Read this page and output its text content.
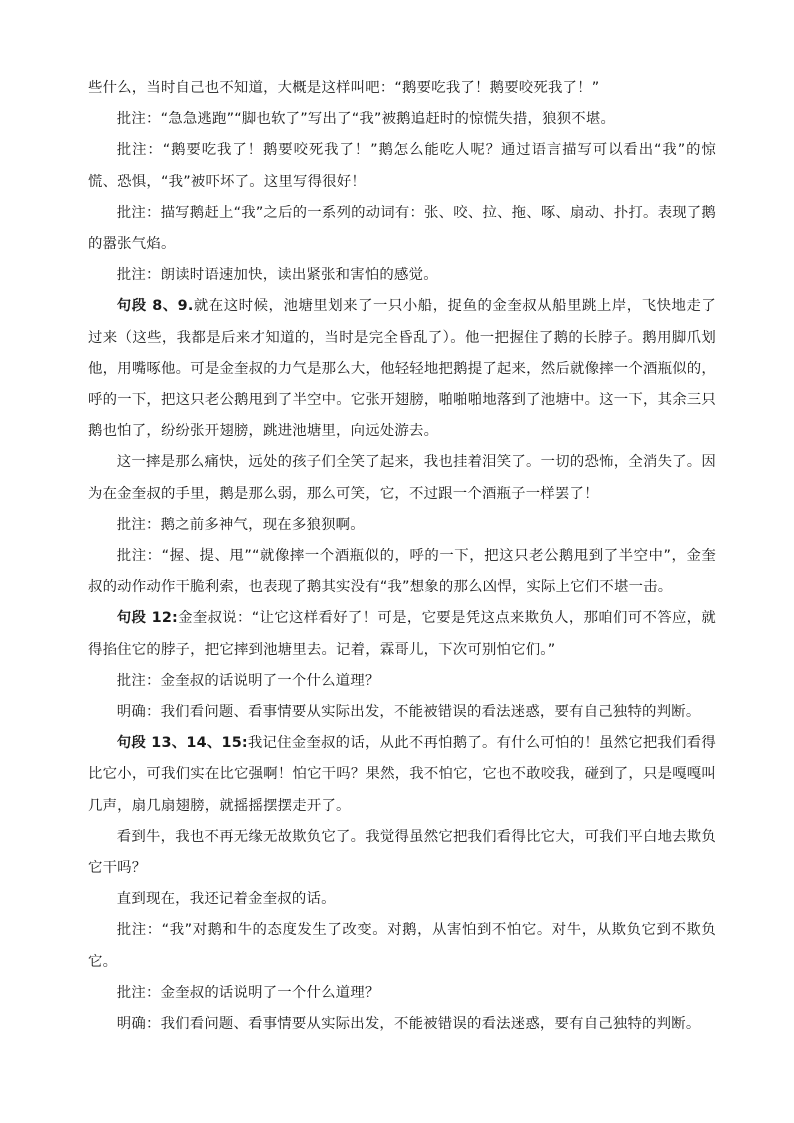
些什么，当时自己也不知道，大概是这样叫吧：“鹅要吃我了！鹅要咬死我了！”

批注：“急急逃跑”“脚也软了”写出了“我”被鹅追赶时的惊慌失措，狼狈不堪。

批注：“鹅要吃我了！鹅要咬死我了！”鹅怎么能吃人呢？通过语言描写可以看出“我”的惊慌、恐惧，“我”被吓坏了。这里写得很好！

批注：描写鹅赶上“我”之后的一系列的动词有：张、咬、拉、拖、啄、扇动、扑打。表现了鹅的嚣张气焰。

批注：朗读时语速加快，读出紧张和害怕的感觉。

句段 8、9.就在这时候，池塘里划来了一只小船，捉鱼的金奎叔从船里跳上岸，飞快地走了过来（这些，我都是后来才知道的，当时是完全昏乱了）。他一把握住了鹅的长脖子。鹅用脚爪划他，用嘴啄他。可是金奎叔的力气是那么大，他轻轻地把鹅提了起来，然后就像摔一个酒瓶似的，呼的一下，把这只老公鹅甩到了半空中。它张开翅膀，啪啪啪地落到了池塘中。这一下，其余三只鹅也怕了，纷纷张开翅膀，跳进池塘里，向远处游去。

这一摔是那么痛快，远处的孩子们全笑了起来，我也挂着泪笑了。一切的恐怖，全消失了。因为在金奎叔的手里，鹅是那么弱，那么可笑，它，不过跟一个酒瓶子一样罢了！

批注：鹅之前多神气，现在多狼狈啊。

批注：“握、提、甩”“就像摔一个酒瓶似的，呼的一下，把这只老公鹅甩到了半空中”，金奎叔的动作动作干脆利索，也表现了鹅其实没有“我”想象的那么凶悍，实际上它们不堪一击。

句段 12:金奎叔说：“让它这样看好了！可是，它要是凭这点来欺负人，那咱们可不答应，就得掐住它的脖子，把它摔到池塘里去。记着，霖哥儿，下次可别怕它们。”

批注：金奎叔的话说明了一个什么道理？

明确：我们看问题、看事情要从实际出发，不能被错误的看法迷惑，要有自己独特的判断。

句段 13、14、15:我记住金奎叔的话，从此不再怕鹅了。有什么可怕的！虽然它把我们看得比它小，可我们实在比它强啊！怕它干吗？果然，我不怕它，它也不敢咬我，碰到了，只是嘎嘎叫几声，扇几扇翅膀，就摇摇摆摆走开了。

看到牛，我也不再无缘无故欺负它了。我觉得虽然它把我们看得比它大，可我们平白地去欺负它干吗？

直到现在，我还记着金奎叔的话。

批注：“我”对鹅和牛的态度发生了改变。对鹅，从害怕到不怕它。对牛，从欺负它到不欺负它。

批注：金奎叔的话说明了一个什么道理？

明确：我们看问题、看事情要从实际出发，不能被错误的看法迷惑，要有自己独特的判断。
